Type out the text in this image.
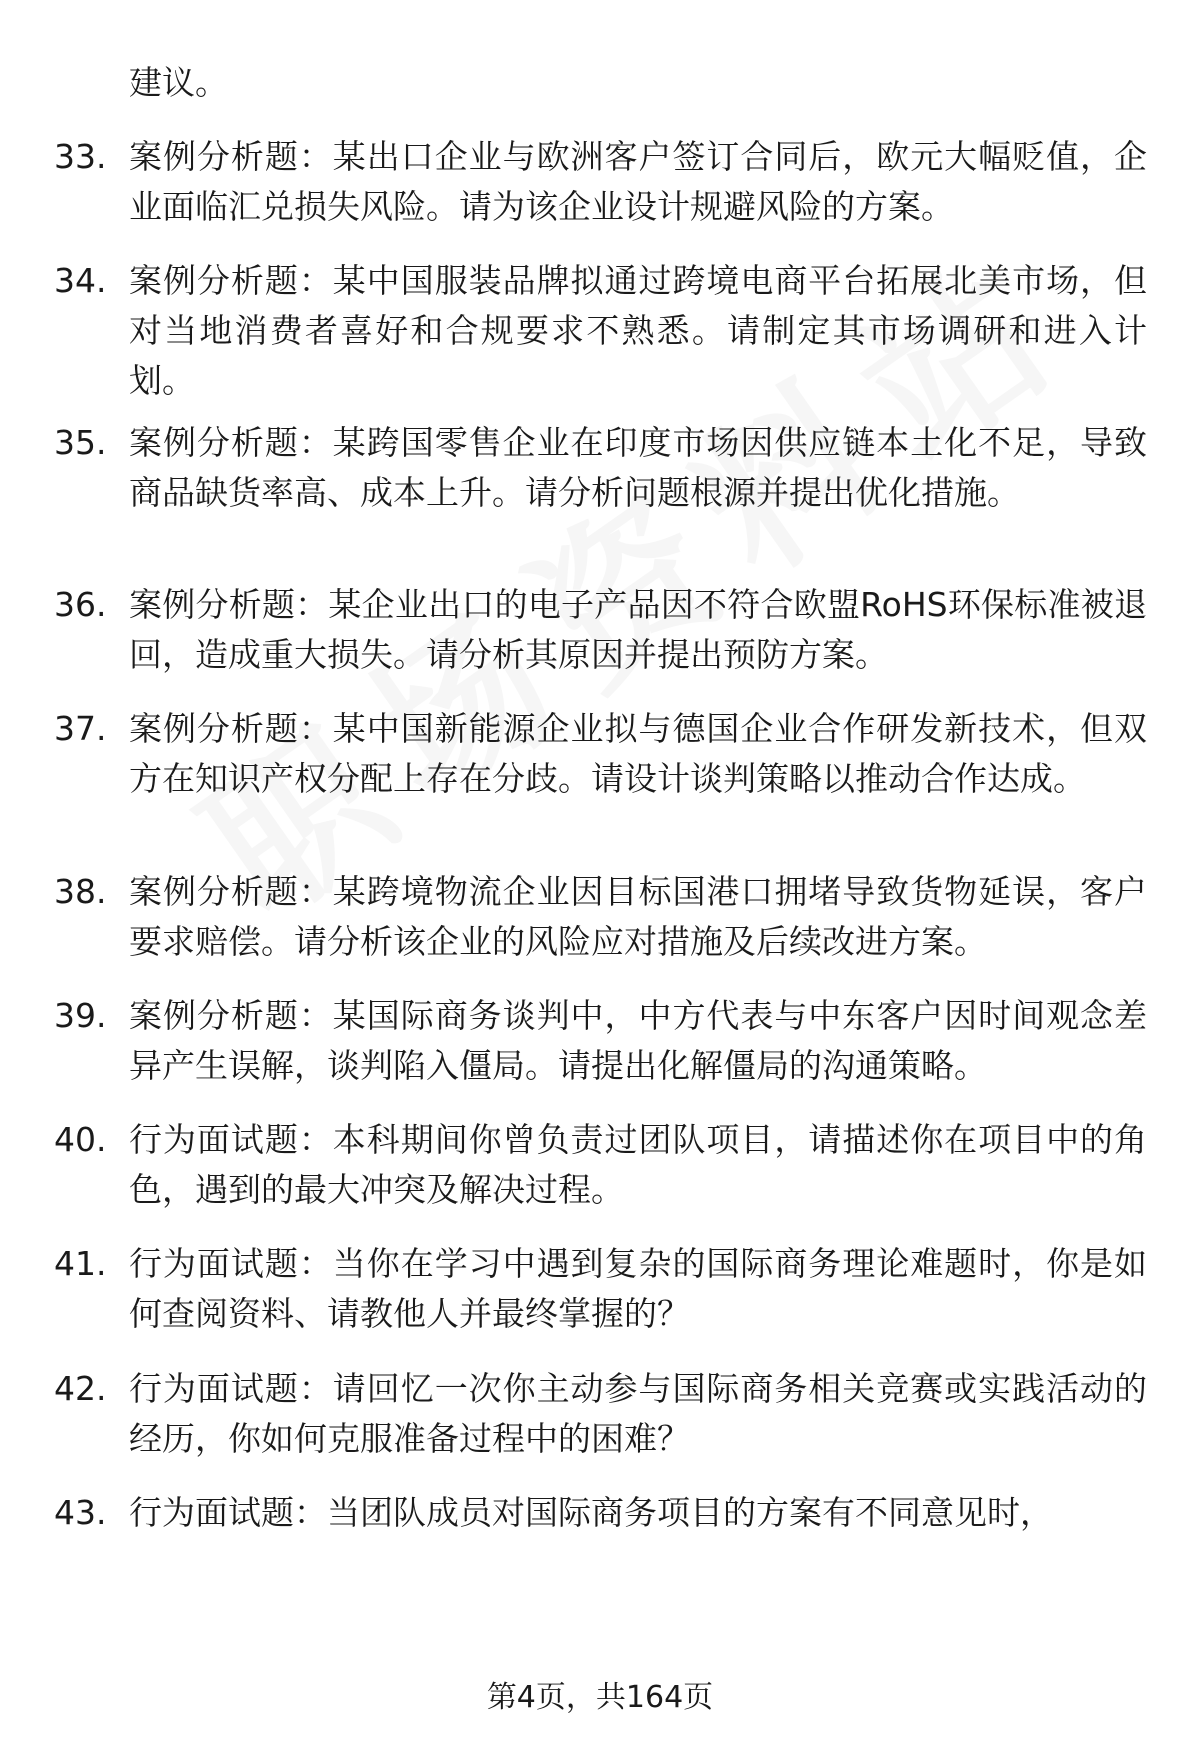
建议。

33. 案例分析题：某出口企业与欧洲客户签订合同后，欧元大幅贬值，企业面临汇兑损失风险。请为该企业设计规避风险的方案。
34. 案例分析题：某中国服装品牌拟通过跨境电商平台拓展北美市场，但对当地消费者喜好和合规要求不熟悉。请制定其市场调研和进入计划。
35. 案例分析题：某跨国零售企业在印度市场因供应链本土化不足，导致商品缺货率高、成本上升。请分析问题根源并提出优化措施。
36. 案例分析题：某企业出口的电子产品因不符合欧盟RoHS环保标准被退回，造成重大损失。请分析其原因并提出预防方案。
37. 案例分析题：某中国新能源企业拟与德国企业合作研发新技术，但双方在知识产权分配上存在分歧。请设计谈判策略以推动合作达成。
38. 案例分析题：某跨境物流企业因目标国港口拥堵导致货物延误，客户要求赔偿。请分析该企业的风险应对措施及后续改进方案。
39. 案例分析题：某国际商务谈判中，中方代表与中东客户因时间观念差异产生误解，谈判陷入僵局。请提出化解僵局的沟通策略。
40. 行为面试题：本科期间你曾负责过团队项目，请描述你在项目中的角色，遇到的最大冲突及解决过程。
41. 行为面试题：当你在学习中遇到复杂的国际商务理论难题时，你是如何查阅资料、请教他人并最终掌握的？
42. 行为面试题：请回忆一次你主动参与国际商务相关竞赛或实践活动的经历，你如何克服准备过程中的困难？
43. 行为面试题：当团队成员对国际商务项目的方案有不同意见时，
第4页，共164页
